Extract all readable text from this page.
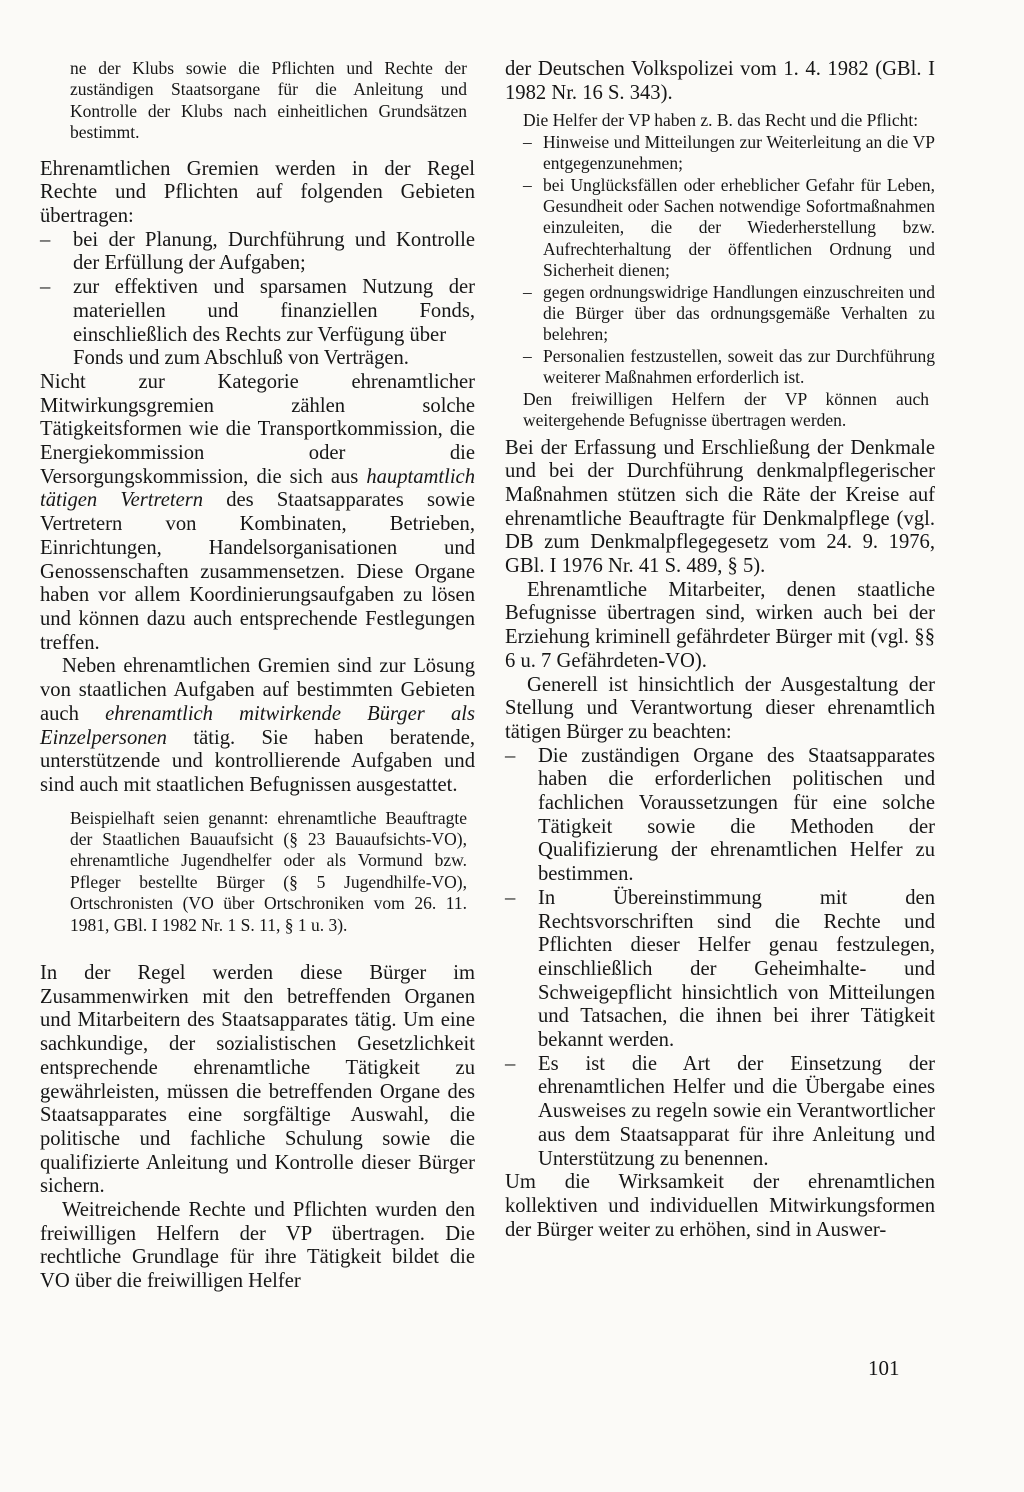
ne der Klubs sowie die Pflichten und Rechte der zuständigen Staatsorgane für die Anleitung und Kontrolle der Klubs nach einheitlichen Grundsätzen bestimmt.

Ehrenamtlichen Gremien werden in der Regel Rechte und Pflichten auf folgenden Gebieten übertragen:

– bei der Planung, Durchführung und Kontrolle der Erfüllung der Aufgaben;
– zur effektiven und sparsamen Nutzung der materiellen und finanziellen Fonds, einschließlich des Rechts zur Verfügung über

Fonds und zum Abschluß von Verträgen.

Nicht zur Kategorie ehrenamtlicher Mitwirkungsgremien zählen solche Tätigkeitsformen wie die Transportkommission, die Energiekommission oder die Versorgungskommission, die sich aus hauptamtlich tätigen Vertretern des Staatsapparates sowie Vertretern von Kombinaten, Betrieben, Einrichtungen, Handelsorganisationen und Genossenschaften zusammensetzen. Diese Organe haben vor allem Koordinierungsaufgaben zu lösen und können dazu auch entsprechende Festlegungen treffen.

Neben ehrenamtlichen Gremien sind zur Lösung von staatlichen Aufgaben auf bestimmten Gebieten auch ehrenamtlich mitwirkende Bürger als Einzelpersonen tätig. Sie haben beratende, unterstützende und kontrollierende Aufgaben und sind auch mit staatlichen Befugnissen ausgestattet.

Beispielhaft seien genannt: ehrenamtliche Beauftragte der Staatlichen Bauaufsicht (§ 23 Bauaufsichts-VO), ehrenamtliche Jugendhelfer oder als Vormund bzw. Pfleger bestellte Bürger (§ 5 Jugendhilfe-VO), Ortschronisten (VO über Ortschroniken vom 26. 11. 1981, GBl. I 1982 Nr. 1 S. 11, § 1 u. 3).

In der Regel werden diese Bürger im Zusammenwirken mit den betreffenden Organen und Mitarbeitern des Staatsapparates tätig. Um eine sachkundige, der sozialistischen Gesetzlichkeit entsprechende ehrenamtliche Tätigkeit zu gewährleisten, müssen die betreffenden Organe des Staatsapparates eine sorgfältige Auswahl, die politische und fachliche Schulung sowie die qualifizierte Anleitung und Kontrolle dieser Bürger sichern.

Weitreichende Rechte und Pflichten wurden den freiwilligen Helfern der VP übertragen. Die rechtliche Grundlage für ihre Tätigkeit bildet die VO über die freiwilligen Helfer

der Deutschen Volkspolizei vom 1. 4. 1982 (GBl. I 1982 Nr. 16 S. 343).

Die Helfer der VP haben z. B. das Recht und die Pflicht:

– Hinweise und Mitteilungen zur Weiterleitung an die VP entgegenzunehmen;
– bei Unglücksfällen oder erheblicher Gefahr für Leben, Gesundheit oder Sachen notwendige Sofortmaßnahmen einzuleiten, die der Wiederherstellung bzw. Aufrechterhaltung der öffentlichen Ordnung und Sicherheit dienen;
– gegen ordnungswidrige Handlungen einzuschreiten und die Bürger über das ordnungsgemäße Verhalten zu belehren;
– Personalien festzustellen, soweit das zur Durchführung weiterer Maßnahmen erforderlich ist.

Den freiwilligen Helfern der VP können auch weitergehende Befugnisse übertragen werden.

Bei der Erfassung und Erschließung der Denkmale und bei der Durchführung denkmalpflegerischer Maßnahmen stützen sich die Räte der Kreise auf ehrenamtliche Beauftragte für Denkmalpflege (vgl. DB zum Denkmalpflegegesetz vom 24. 9. 1976, GBl. I 1976 Nr. 41 S. 489, § 5).

Ehrenamtliche Mitarbeiter, denen staatliche Befugnisse übertragen sind, wirken auch bei der Erziehung kriminell gefährdeter Bürger mit (vgl. §§ 6 u. 7 Gefährdeten-VO).

Generell ist hinsichtlich der Ausgestaltung der Stellung und Verantwortung dieser ehrenamtlich tätigen Bürger zu beachten:

– Die zuständigen Organe des Staatsapparates haben die erforderlichen politischen und fachlichen Voraussetzungen für eine solche Tätigkeit sowie die Methoden der Qualifizierung der ehrenamtlichen Helfer zu bestimmen.
– In Übereinstimmung mit den Rechtsvorschriften sind die Rechte und Pflichten dieser Helfer genau festzulegen, einschließlich der Geheimhalte- und Schweigepflicht hinsichtlich von Mitteilungen und Tatsachen, die ihnen bei ihrer Tätigkeit bekannt werden.
– Es ist die Art der Einsetzung der ehrenamtlichen Helfer und die Übergabe eines Ausweises zu regeln sowie ein Verantwortlicher aus dem Staatsapparat für ihre Anleitung und Unterstützung zu benennen.

Um die Wirksamkeit der ehrenamtlichen kollektiven und individuellen Mitwirkungsformen der Bürger weiter zu erhöhen, sind in Auswer-

101
